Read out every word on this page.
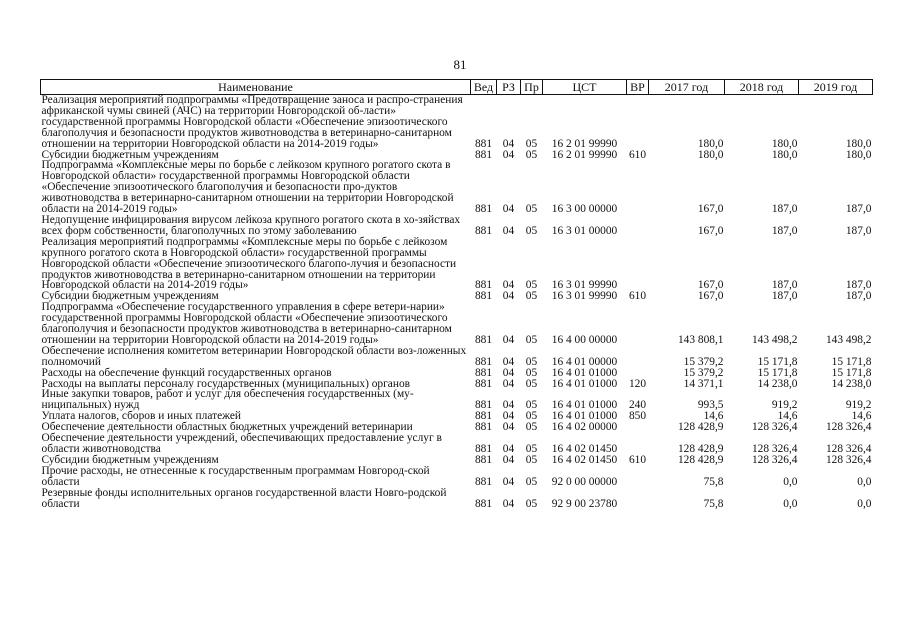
81
Наименование	Вед	РЗ	Пр	ЦСТ	ВР	2017 год	2018 год	2019 год
Реализация мероприятий подпрограммы «Предотвращение заноса и распро-странения африканской чумы свиней (АЧС) на территории Новгородской об-ласти» государственной программы Новгородской области «Обеспечение эпизоотического благополучия и безопасности продуктов животноводства в ветеринарно-санитарном отношении на территории Новгородской области на 2014-2019 годы»	881	04	05	16 2 01 99990		180,0	180,0	180,0
Субсидии бюджетным учреждениям	881	04	05	16 2 01 99990	610	180,0	180,0	180,0
Подпрограмма «Комплексные меры по борьбе с лейкозом крупного рогатого скота в Новгородской области» государственной программы Новгородской области «Обеспечение эпизоотического благополучия и безопасности про-дуктов животноводства в ветеринарно-санитарном отношении на территории Новгородской области на 2014-2019 годы»	881	04	05	16 3 00 00000		167,0	187,0	187,0
Недопущение инфицирования вирусом лейкоза крупного рогатого скота в хо-зяйствах всех форм собственности, благополучных по этому заболеванию	881	04	05	16 3 01 00000		167,0	187,0	187,0
Реализация мероприятий подпрограммы «Комплексные меры по борьбе с лейкозом крупного рогатого скота в Новгородской области» государственной программы Новгородской области «Обеспечение эпизоотического благопо-лучия и безопасности продуктов животноводства в ветеринарно-санитарном отношении на территории Новгородской области на 2014-2019 годы»	881	04	05	16 3 01 99990		167,0	187,0	187,0
Субсидии бюджетным учреждениям	881	04	05	16 3 01 99990	610	167,0	187,0	187,0
Подпрограмма «Обеспечение государственного управления в сфере ветери-нарии» государственной программы Новгородской области «Обеспечение эпизоотического благополучия и безопасности продуктов животноводства в ветеринарно-санитарном отношении на территории Новгородской области на 2014-2019 годы»	881	04	05	16 4 00 00000		143 808,1	143 498,2	143 498,2
Обеспечение исполнения комитетом ветеринарии Новгородской области воз-ложенных полномочий	881	04	05	16 4 01 00000		15 379,2	15 171,8	15 171,8
Расходы на обеспечение функций государственных органов	881	04	05	16 4 01 01000		15 379,2	15 171,8	15 171,8
Расходы на выплаты персоналу государственных (муниципальных) органов	881	04	05	16 4 01 01000	120	14 371,1	14 238,0	14 238,0
Иные закупки товаров, работ и услуг для обеспечения государственных (му-ниципальных) нужд	881	04	05	16 4 01 01000	240	993,5	919,2	919,2
Уплата налогов, сборов и иных платежей	881	04	05	16 4 01 01000	850	14,6	14,6	14,6
Обеспечение деятельности областных бюджетных учреждений ветеринарии	881	04	05	16 4 02 00000		128 428,9	128 326,4	128 326,4
Обеспечение деятельности учреждений, обеспечивающих предоставление услуг в области животноводства	881	04	05	16 4 02 01450		128 428,9	128 326,4	128 326,4
Субсидии бюджетным учреждениям	881	04	05	16 4 02 01450	610	128 428,9	128 326,4	128 326,4
Прочие расходы, не отнесенные к государственным программам Новгород-ской области	881	04	05	92 0 00 00000		75,8	0,0	0,0
Резервные фонды исполнительных органов государственной власти Новго-родской области	881	04	05	92 9 00 23780		75,8	0,0	0,0
